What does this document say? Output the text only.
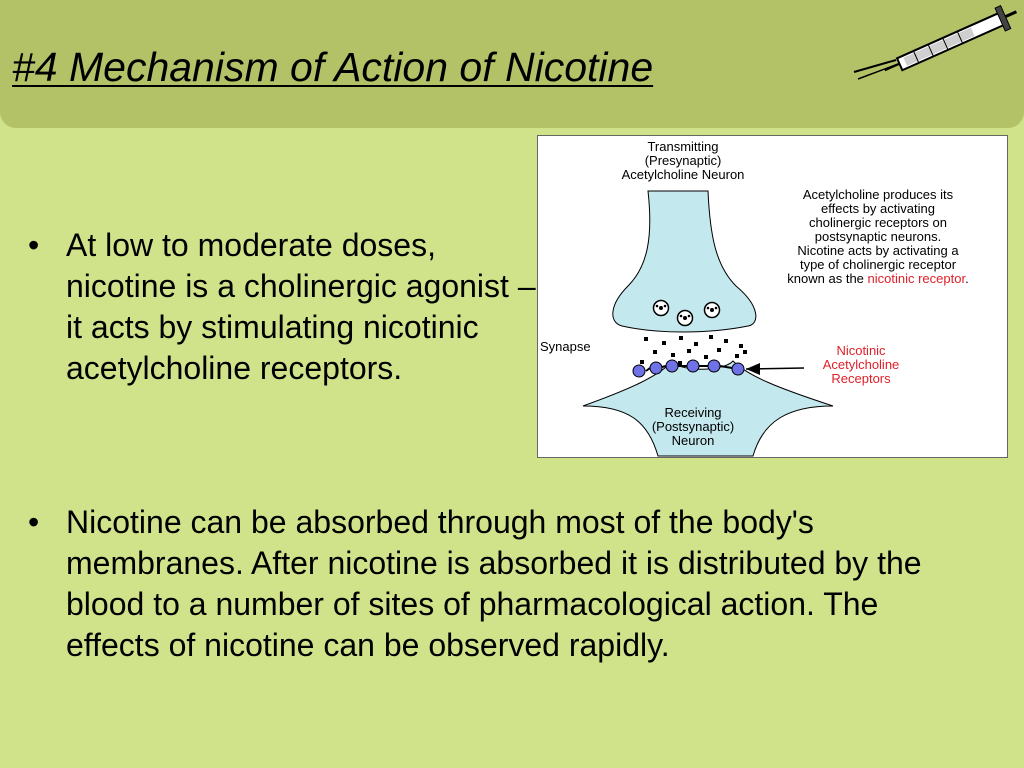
#4 Mechanism of Action of Nicotine
• At low to moderate doses, nicotine is a cholinergic agonist – it acts by stimulating nicotinic acetylcholine receptors.
• Nicotine can be absorbed through most of the body's membranes. After nicotine is absorbed it is distributed by the blood to a number of sites of pharmacological action. The effects of nicotine can be observed rapidly.
Transmitting
(Presynaptic)
Acetylcholine Neuron
Acetylcholine produces its
effects by activating
cholinergic receptors on
postsynaptic neurons.
Nicotine acts by activating a
type of cholinergic receptor
known as the nicotinic receptor.
Synapse	Nicotinic
Acetylcholine
Receptors
Receiving
(Postsynaptic)
Neuron
